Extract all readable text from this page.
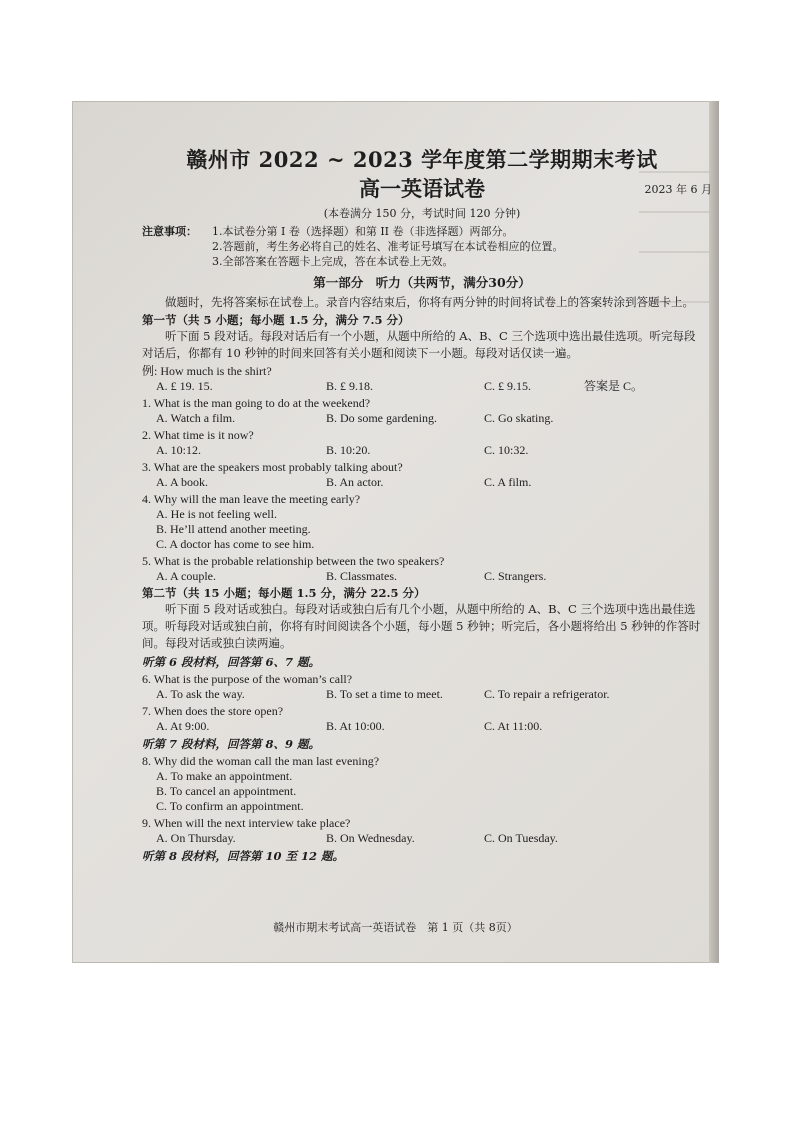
赣州市 2022 ~ 2023 学年度第二学期期末考试
高一英语试卷	2023 年 6 月
(本卷满分 150 分，考试时间 120 分钟)
注意事项：	1.本试卷分第 I 卷（选择题）和第 II 卷（非选择题）两部分。
2.答题前，考生务必将自己的姓名、准考证号填写在本试卷相应的位置。
3.全部答案在答题卡上完成，答在本试卷上无效。
第一部分　听力（共两节，满分30分）

做题时，先将答案标在试卷上。录音内容结束后，你将有两分钟的时间将试卷上的答案转涂到答题卡上。

第一节（共 5 小题；每小题 1.5 分，满分 7.5 分）

听下面 5 段对话。每段对话后有一个小题，从题中所给的 A、B、C 三个选项中选出最佳选项。听完每段对话后，你都有 10 秒钟的时间来回答有关小题和阅读下一小题。每段对话仅读一遍。

例: How much is the shirt?
A. £ 19. 15.	B. £ 9.18.	C. £ 9.15.	答案是 C。
1. What is the man going to do at the weekend?
A. Watch a film.	B. Do some gardening.	C. Go skating.
2. What time is it now?
A. 10:12.	B. 10:20.	C. 10:32.
3. What are the speakers most probably talking about?
A. A book.	B. An actor.	C. A film.
4. Why will the man leave the meeting early?
A. He is not feeling well.
B. He’ll attend another meeting.
C. A doctor has come to see him.
5. What is the probable relationship between the two speakers?
A. A couple.	B. Classmates.	C. Strangers.
第二节（共 15 小题；每小题 1.5 分，满分 22.5 分）

听下面 5 段对话或独白。每段对话或独白后有几个小题，从题中所给的 A、B、C 三个选项中选出最佳选项。听每段对话或独白前，你将有时间阅读各个小题，每小题 5 秒钟；听完后，各小题将给出 5 秒钟的作答时间。每段对话或独白读两遍。

听第 6 段材料，回答第 6、7 题。
6. What is the purpose of the woman’s call?
A. To ask the way.	B. To set a time to meet.	C. To repair a refrigerator.
7. When does the store open?
A. At 9:00.	B. At 10:00.	C. At 11:00.
听第 7 段材料，回答第 8、9 题。
8. Why did the woman call the man last evening?
A. To make an appointment.
B. To cancel an appointment.
C. To confirm an appointment.
9. When will the next interview take place?
A. On Thursday.	B. On Wednesday.	C. On Tuesday.
听第 8 段材料，回答第 10 至 12 题。
赣州市期末考试高一英语试卷　第 1 页（共 8页）
